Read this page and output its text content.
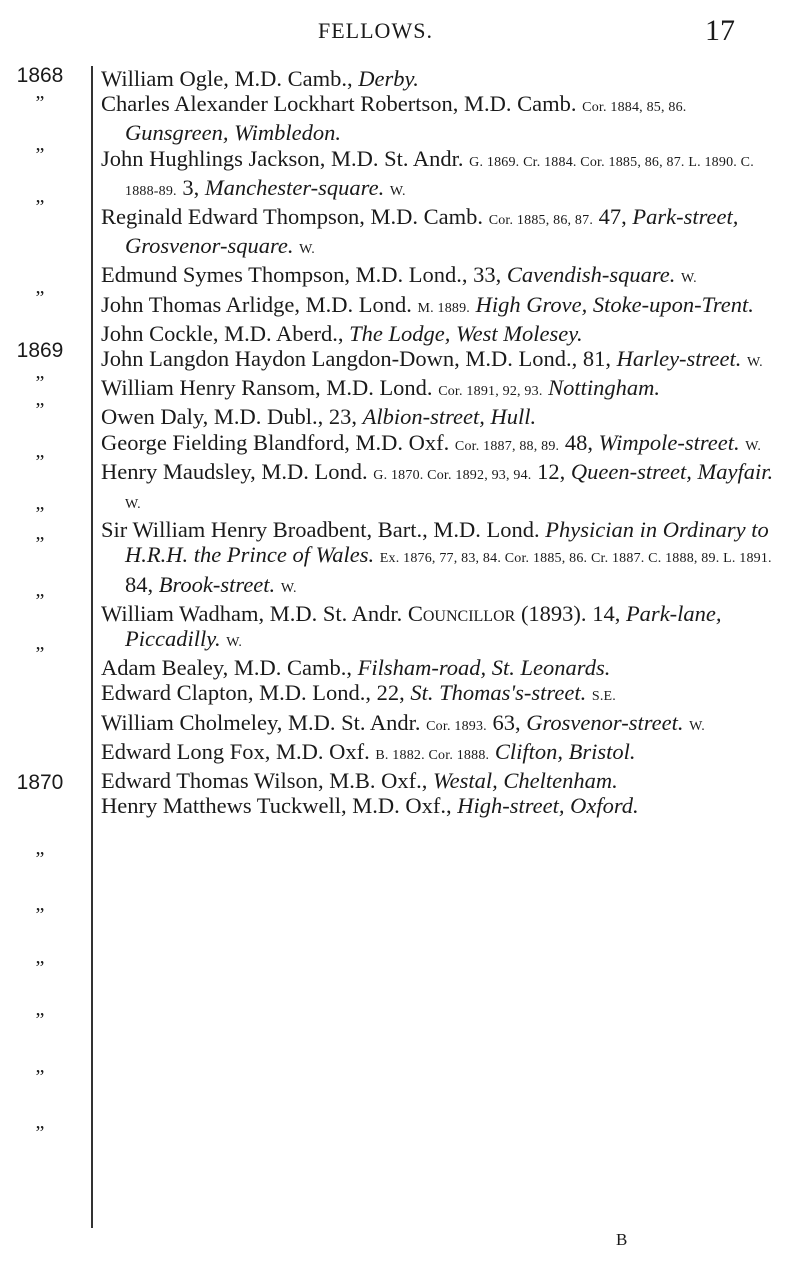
FELLOWS.	17
1868
”
”
”
”
1869
”
”
”
”
”
”
”
1870
”
”
”
”
”
”

William Ogle, M.D. Camb., Derby.

Charles Alexander Lockhart Robertson, M.D. Camb. Cor. 1884, 85, 86. Gunsgreen, Wimbledon.

John Hughlings Jackson, M.D. St. Andr. G. 1869. Cr. 1884. Cor. 1885, 86, 87. L. 1890. C. 1888-89. 3, Manchester-square. W.

Reginald Edward Thompson, M.D. Camb. Cor. 1885, 86, 87. 47, Park-street, Grosvenor-square. W.

Edmund Symes Thompson, M.D. Lond., 33, Cavendish-square. W.

John Thomas Arlidge, M.D. Lond. M. 1889. High Grove, Stoke-upon-Trent.

John Cockle, M.D. Aberd., The Lodge, West Molesey.

John Langdon Haydon Langdon-Down, M.D. Lond., 81, Harley-street. W.

William Henry Ransom, M.D. Lond. Cor. 1891, 92, 93. Nottingham.

Owen Daly, M.D. Dubl., 23, Albion-street, Hull.

George Fielding Blandford, M.D. Oxf. Cor. 1887, 88, 89. 48, Wimpole-street. W.

Henry Maudsley, M.D. Lond. G. 1870. Cor. 1892, 93, 94. 12, Queen-street, Mayfair. W.

Sir William Henry Broadbent, Bart., M.D. Lond. Physician in Ordinary to H.R.H. the Prince of Wales. Ex. 1876, 77, 83, 84. Cor. 1885, 86. Cr. 1887. C. 1888, 89. L. 1891. 84, Brook-street. W.

William Wadham, M.D. St. Andr. Councillor (1893). 14, Park-lane, Piccadilly. W.

Adam Bealey, M.D. Camb., Filsham-road, St. Leonards.

Edward Clapton, M.D. Lond., 22, St. Thomas's-street. S.E.

William Cholmeley, M.D. St. Andr. Cor. 1893. 63, Grosvenor-street. W.

Edward Long Fox, M.D. Oxf. B. 1882. Cor. 1888. Clifton, Bristol.

Edward Thomas Wilson, M.B. Oxf., Westal, Cheltenham.

Henry Matthews Tuckwell, M.D. Oxf., High-street, Oxford.

B
